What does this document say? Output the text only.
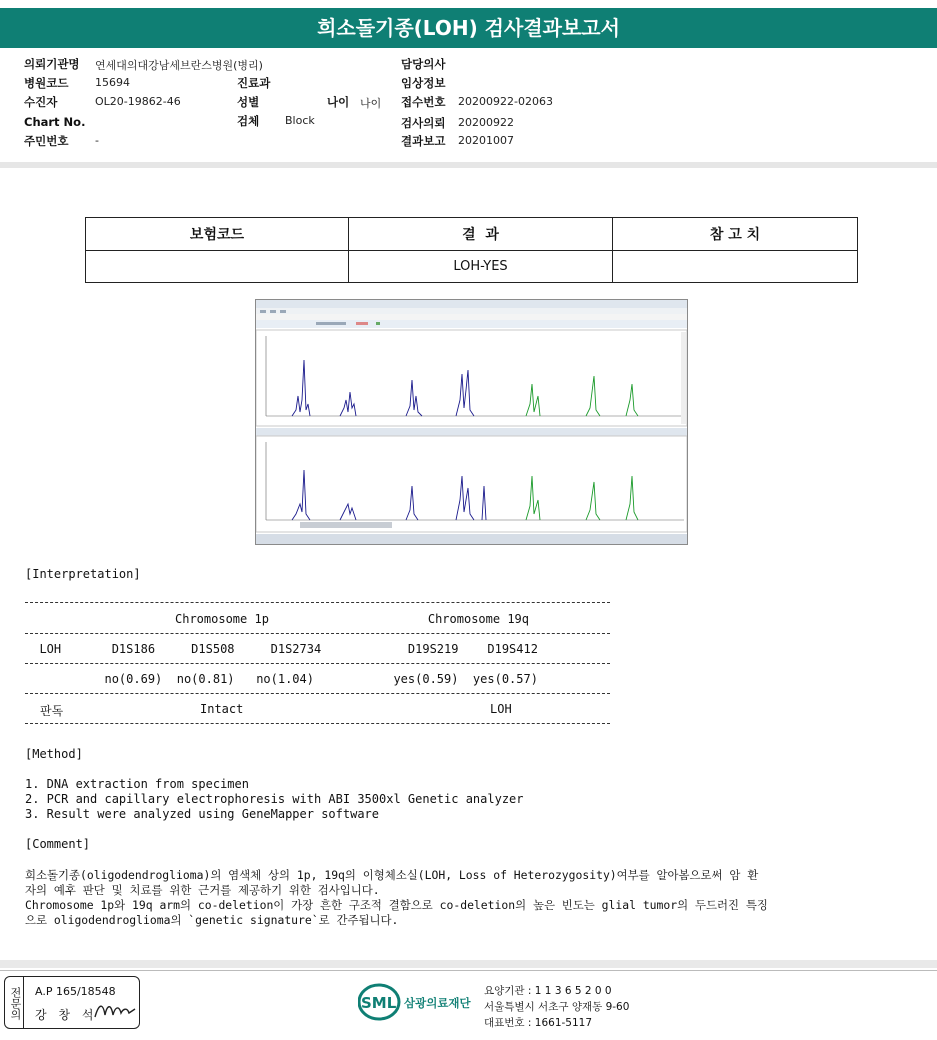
희소돌기종(LOH) 검사결과보고서
의뢰기관명 연세대의대강남세브란스병원(병리)
병원코드 15694
수진자	OL20-19862-46
Chart No.
주민번호 -
진료과
성별	나이 나이
검체 Block
담당의사
임상정보
접수번호 20200922-02063
검사의뢰 20200922
결과보고 20201007
보험코드	결  과	참 고 치
	LOH-YES	
[Interpretation]
Chromosome 1p                      Chromosome 19q
LOH       D1S186     D1S508     D1S2734            D19S219    D19S412
no(0.69)  no(0.81)   no(1.04)           yes(0.59)  yes(0.57)
판독	Intact	LOH
[Method]
1. DNA extraction from specimen
2. PCR and capillary electrophoresis with ABI 3500xl Genetic analyzer
3. Result were analyzed using GeneMapper software
[Comment]
희소돌기종(oligodendroglioma)의 염색체 상의 1p, 19q의 이형체소실(LOH, Loss of Heterozygosity)여부를 알아봄으로써 암 환
자의 예후 판단 및 치료를 위한 근거를 제공하기 위한 검사입니다.
Chromosome 1p와 19q arm의 co-deletion이 가장 흔한 구조적 결함으로 co-deletion의 높은 빈도는 glial tumor의 두드러진 특징
으로 oligodendroglioma의 `genetic signature`로 간주됩니다.
A.P 165/18548
강 창 석
전문의	SML 삼광의료재단
요양기관 : 1 1 3 6 5 2 0 0
서울특별시 서초구 양재동 9-60
대표번호 : 1661-5117
